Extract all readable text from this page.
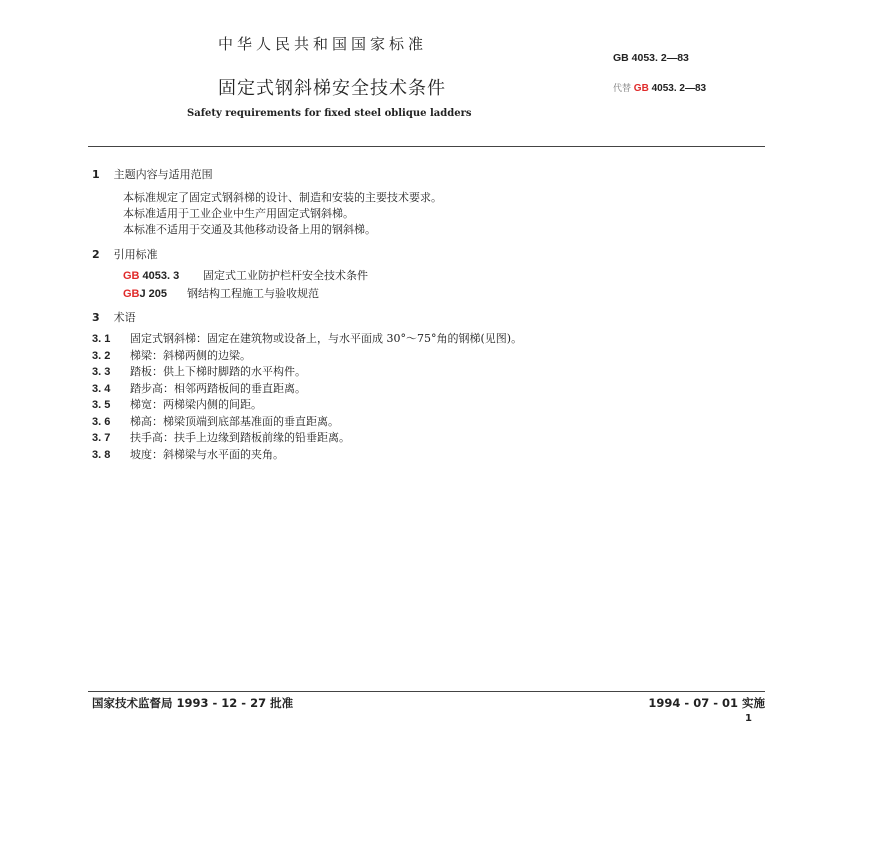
中华人民共和国国家标准
固定式钢斜梯安全技术条件
Safety requirements for fixed steel oblique ladders
GB 4053. 2—83
代替 GB 4053. 2—83
1 主题内容与适用范围
本标准规定了固定式钢斜梯的设计、制造和安装的主要技术要求。
本标准适用于工业企业中生产用固定式钢斜梯。
本标准不适用于交通及其他移动设备上用的钢斜梯。
2 引用标准
GB 4053. 3 固定式工业防护栏杆安全技术条件
GBJ 205 钢结构工程施工与验收规范
3 术语
3. 1 固定式钢斜梯：固定在建筑物或设备上，与水平面成 30°～75°角的钢梯(见图)。
3. 2 梯梁：斜梯两侧的边梁。
3. 3 踏板：供上下梯时脚踏的水平构件。
3. 4 踏步高：相邻两踏板间的垂直距离。
3. 5 梯宽：两梯梁内侧的间距。
3. 6 梯高：梯梁顶端到底部基准面的垂直距离。
3. 7 扶手高：扶手上边缘到踏板前缘的铅垂距离。
3. 8 坡度：斜梯梁与水平面的夹角。
国家技术监督局 1993 - 12 - 27 批准	1994 - 07 - 01 实施
1
